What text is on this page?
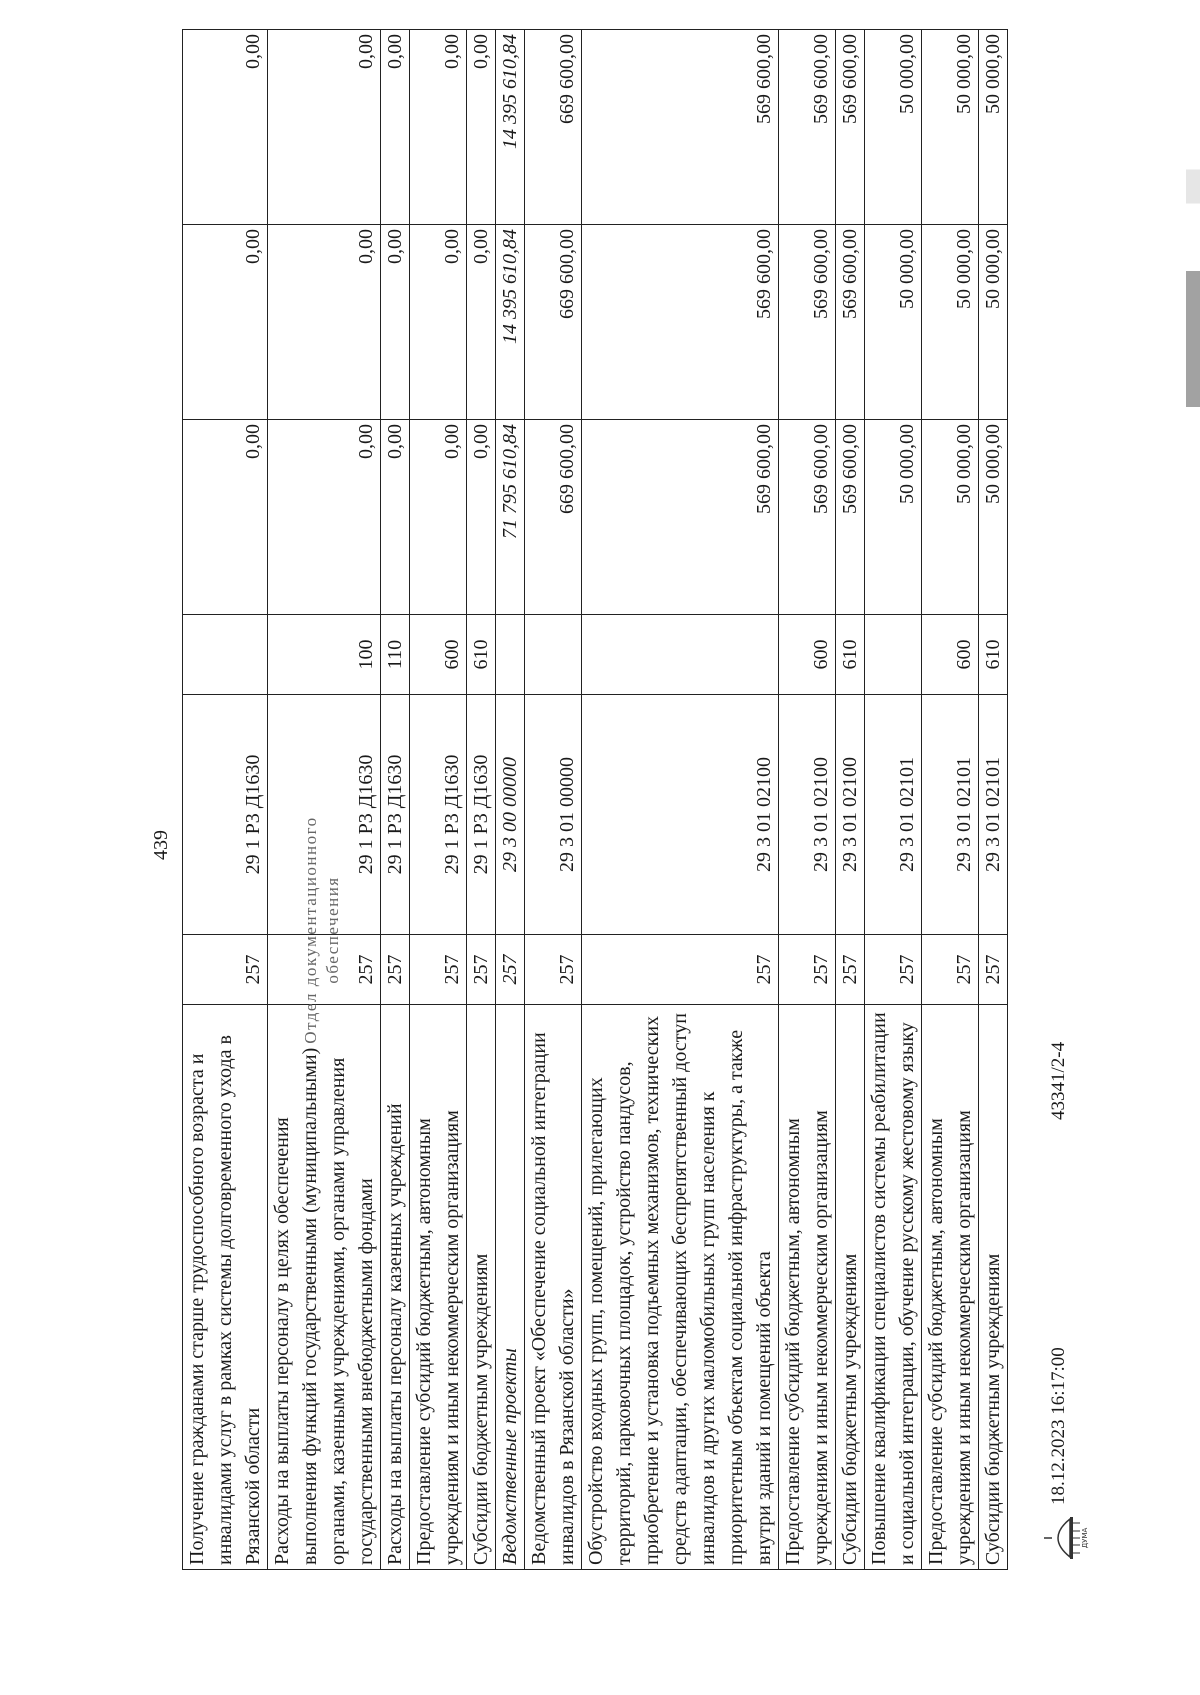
439
Получение гражданами старше трудоспособного возраста и инвалидами услуг в рамках системы долговременного ухода в Рязанской области	257	29 1 Р3 Д1630		0,00	0,00	0,00
Расходы на выплаты персоналу в целях обеспечения выполнения функций государственными (муниципальными) органами, казенными учреждениями, органами управления государственными внебюджетными фондами	257	29 1 Р3 Д1630	100	0,00	0,00	0,00
Расходы на выплаты персоналу казенных учреждений	257	29 1 Р3 Д1630	110	0,00	0,00	0,00
Предоставление субсидий бюджетным, автономным учреждениям и иным некоммерческим организациям	257	29 1 Р3 Д1630	600	0,00	0,00	0,00
Субсидии бюджетным учреждениям	257	29 1 Р3 Д1630	610	0,00	0,00	0,00
Ведомственные проекты	257	29 3 00 00000		71 795 610,84	14 395 610,84	14 395 610,84
Ведомственный проект «Обеспечение социальной интеграции инвалидов в Рязанской области»	257	29 3 01 00000		669 600,00	669 600,00	669 600,00
Обустройство входных групп, помещений, прилегающих территорий, парковочных площадок, устройство пандусов, приобретение и установка подъемных механизмов, технических средств адаптации, обеспечивающих беспрепятственный доступ инвалидов и других маломобильных групп населения к приоритетным объектам социальной инфраструктуры, а также внутри зданий и помещений объекта	257	29 3 01 02100		569 600,00	569 600,00	569 600,00
Предоставление субсидий бюджетным, автономным учреждениям и иным некоммерческим организациям	257	29 3 01 02100	600	569 600,00	569 600,00	569 600,00
Субсидии бюджетным учреждениям	257	29 3 01 02100	610	569 600,00	569 600,00	569 600,00
Повышение квалификации специалистов системы реабилитации и социальной интеграции, обучение русскому жестовому языку	257	29 3 01 02101		50 000,00	50 000,00	50 000,00
Предоставление субсидий бюджетным, автономным учреждениям и иным некоммерческим организациям	257	29 3 01 02101	600	50 000,00	50 000,00	50 000,00
Субсидии бюджетным учреждениям	257	29 3 01 02101	610	50 000,00	50 000,00	50 000,00
Отдел документационного обеспечения
ДУМА
18.12.2023 16:17:00
43341/2-4
